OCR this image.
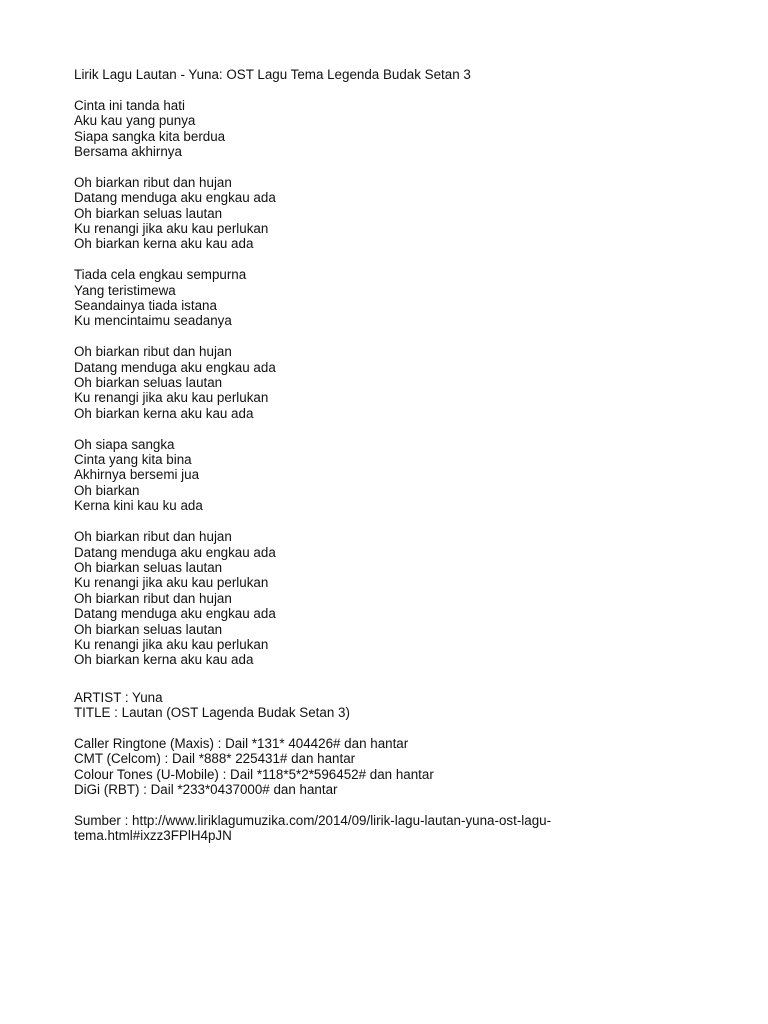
Lirik Lagu Lautan - Yuna: OST Lagu Tema Legenda Budak Setan 3
Cinta ini tanda hati
Aku kau yang punya
Siapa sangka kita berdua
Bersama akhirnya
Oh biarkan ribut dan hujan
Datang menduga aku engkau ada
Oh biarkan seluas lautan
Ku renangi jika aku kau perlukan
Oh biarkan kerna aku kau ada
Tiada cela engkau sempurna
Yang teristimewa
Seandainya tiada istana
Ku mencintaimu seadanya
Oh biarkan ribut dan hujan
Datang menduga aku engkau ada
Oh biarkan seluas lautan
Ku renangi jika aku kau perlukan
Oh biarkan kerna aku kau ada
Oh siapa sangka
Cinta yang kita bina
Akhirnya bersemi jua
Oh biarkan
Kerna kini kau ku ada
Oh biarkan ribut dan hujan
Datang menduga aku engkau ada
Oh biarkan seluas lautan
Ku renangi jika aku kau perlukan
Oh biarkan ribut dan hujan
Datang menduga aku engkau ada
Oh biarkan seluas lautan
Ku renangi jika aku kau perlukan
Oh biarkan kerna aku kau ada
ARTIST : Yuna
TITLE : Lautan (OST Lagenda Budak Setan 3)
Caller Ringtone (Maxis) : Dail *131* 404426# dan hantar
CMT (Celcom) : Dail *888* 225431# dan hantar
Colour Tones (U-Mobile) : Dail *118*5*2*596452# dan hantar
DiGi (RBT) : Dail *233*0437000# dan hantar
Sumber : http://www.liriklagumuzika.com/2014/09/lirik-lagu-lautan-yuna-ost-lagu-
tema.html#ixzz3FPlH4pJN
